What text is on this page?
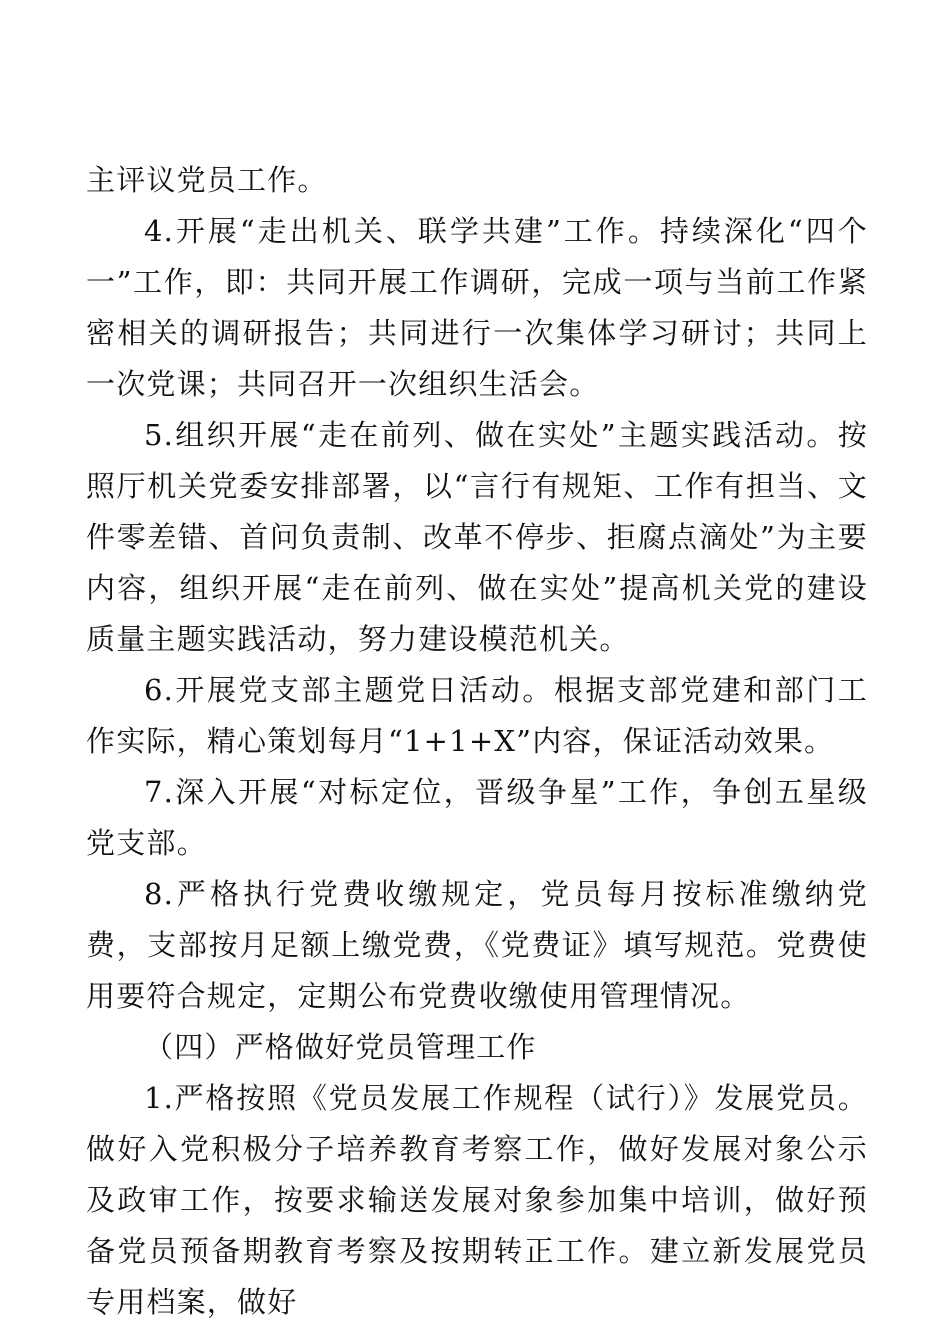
主评议党员工作。

4.开展“走出机关、联学共建”工作。持续深化“四个一”工作，即：共同开展工作调研，完成一项与当前工作紧密相关的调研报告；共同进行一次集体学习研讨；共同上一次党课；共同召开一次组织生活会。

5.组织开展“走在前列、做在实处”主题实践活动。按照厅机关党委安排部署，以“言行有规矩、工作有担当、文件零差错、首问负责制、改革不停步、拒腐点滴处”为主要内容，组织开展“走在前列、做在实处”提高机关党的建设质量主题实践活动，努力建设模范机关。

6.开展党支部主题党日活动。根据支部党建和部门工作实际，精心策划每月“1+1+X”内容，保证活动效果。

7.深入开展“对标定位，晋级争星”工作，争创五星级党支部。

8.严格执行党费收缴规定，党员每月按标准缴纳党费，支部按月足额上缴党费，《党费证》填写规范。党费使用要符合规定，定期公布党费收缴使用管理情况。

（四）严格做好党员管理工作

1.严格按照《党员发展工作规程（试行）》发展党员。做好入党积极分子培养教育考察工作，做好发展对象公示及政审工作，按要求输送发展对象参加集中培训，做好预备党员预备期教育考察及按期转正工作。建立新发展党员专用档案，做好
